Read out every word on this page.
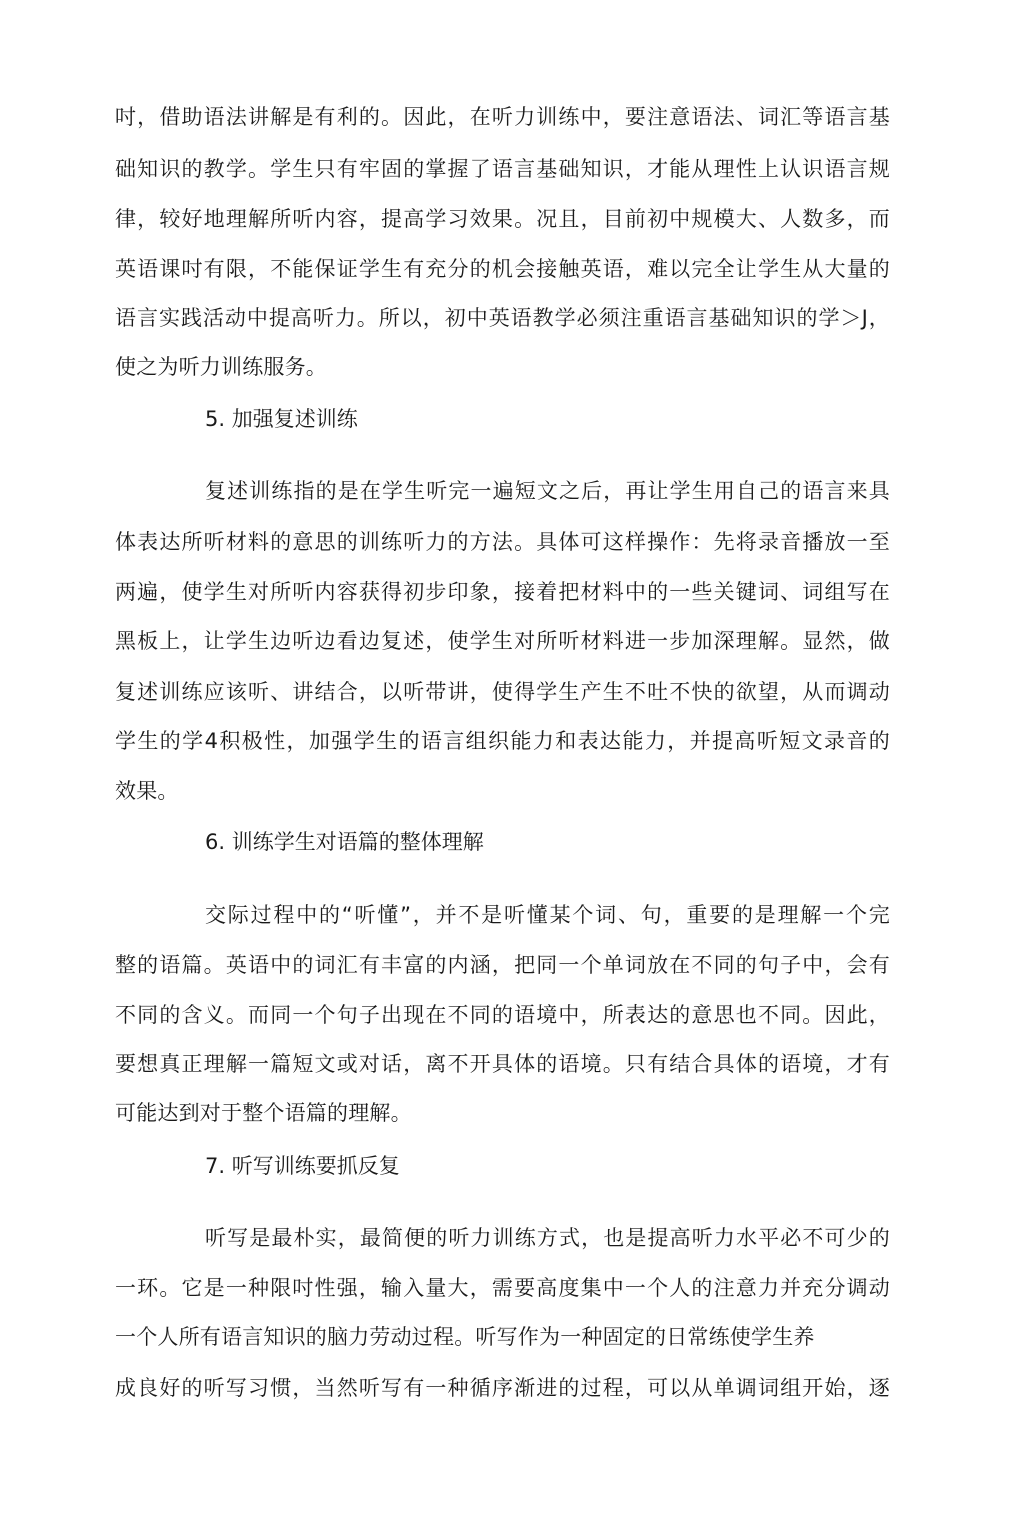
吋，借助语法讲解是有利的。因此，在听力训练中，要注意语法、词汇等语言基
础知识的教学。学生只有牢固的掌握了语言基础知识，才能从理性上认识语言规
律，较好地理解所听内容，提高学习效果。况且，目前初中规模大、人数多，而
英语课吋有限，不能保证学生有充分的机会接触英语，难以完全让学生从大量的
语言实践活动中提高听力。所以，初中英语教学必须注重语言基础知识的学＞J，
使之为听力训练服务。
5. 加强复述训练
复述训练指的是在学生听完一遍短文之后，再让学生用自己的语言来具
体表达所听材料的意思的训练听力的方法。具体可这样操作：先将录音播放一至
两遍，使学生对所听内容获得初步印象，接着把材料中的一些关键词、词组写在
黑板上，让学生边听边看边复述，使学生对所听材料进一步加深理解。显然，做
复述训练应该听、讲结合，以听带讲，使得学生产生不吐不快的欲望，从而调动
学生的学4积极性，加强学生的语言组织能力和表达能力，并提高听短文录音的
效果。
6. 训练学生对语篇的整体理解
交际过程中的“听懂”，并不是听懂某个词、句，重要的是理解一个完
整的语篇。英语中的词汇有丰富的内涵，把同一个单词放在不同的句子中，会有
不同的含义。而同一个句子出现在不同的语境中，所表达的意思也不同。因此，
要想真正理解一篇短文或对话，离不开具体的语境。只有结合具体的语境，才有
可能达到对于整个语篇的理解。
7. 听写训练要抓反复
听写是最朴实，最简便的听力训练方式，也是提高听力水平必不可少的
一环。它是一种限吋性强，输入量大，需要高度集中一个人的注意力并充分调动
一个人所有语言知识的脑力劳动过程。听写作为一种固定的日常练使学生养
成良好的听写习惯，当然听写有一种循序渐进的过程，可以从单调词组开始，逐
